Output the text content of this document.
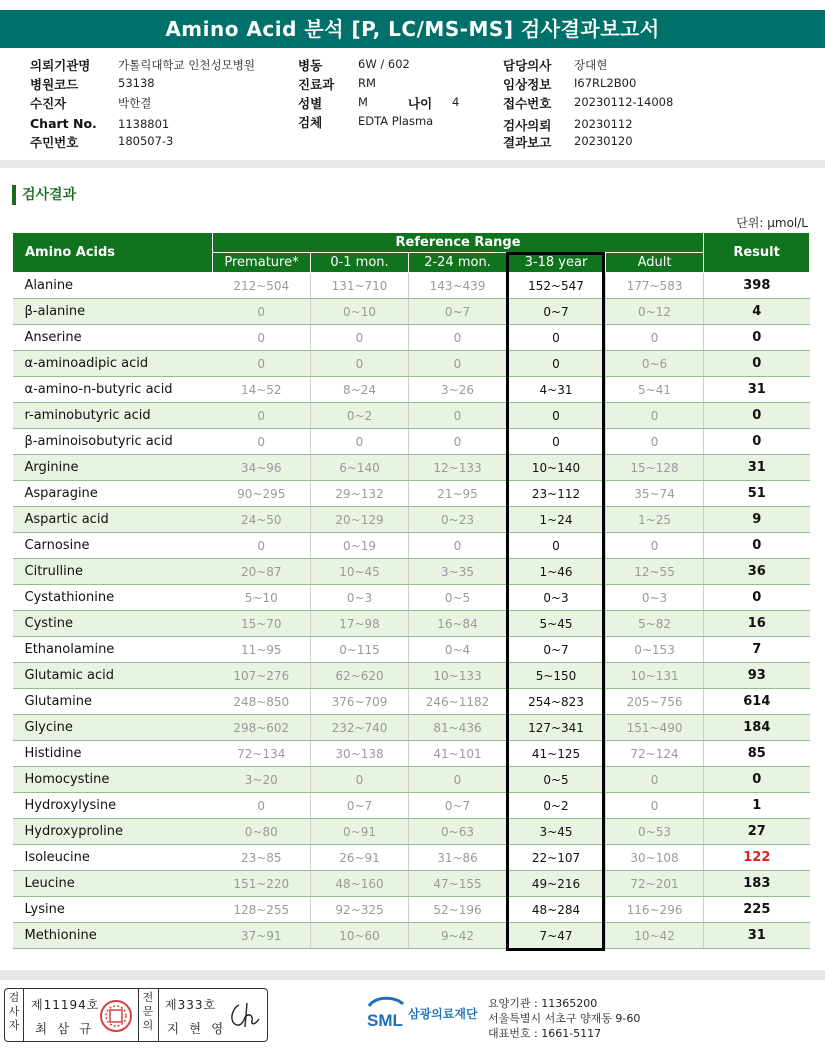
Amino Acid 분석 [P, LC/MS-MS] 검사결과보고서
의뢰기관명 가톨릭대학교 인천성모병원
병원코드	53138
수진자	박한결
Chart No. 1138801
주민번호	180507-3
병동	6W / 602
진료과 RM
성별	M	나이 4
검체	EDTA Plasma
담당의사 장대현
임상정보 I67RL2B00
접수번호 20230112-14008
검사의뢰 20230112
결과보고 20230120
검사결과
단위: μmol/L
Amino Acids	Reference Range					Result
	Premature*	0-1 mon.	2-24 mon.	3-18 year	Adult	
Alanine	212~504	131~710	143~439	152~547	177~583	398
β-alanine	0	0~10	0~7	0~7	0~12	4
Anserine	0	0	0	0	0	0
α-aminoadipic acid	0	0	0	0	0~6	0
α-amino-n-butyric acid	14~52	8~24	3~26	4~31	5~41	31
r-aminobutyric acid	0	0~2	0	0	0	0
β-aminoisobutyric acid	0	0	0	0	0	0
Arginine	34~96	6~140	12~133	10~140	15~128	31
Asparagine	90~295	29~132	21~95	23~112	35~74	51
Aspartic acid	24~50	20~129	0~23	1~24	1~25	9
Carnosine	0	0~19	0	0	0	0
Citrulline	20~87	10~45	3~35	1~46	12~55	36
Cystathionine	5~10	0~3	0~5	0~3	0~3	0
Cystine	15~70	17~98	16~84	5~45	5~82	16
Ethanolamine	11~95	0~115	0~4	0~7	0~153	7
Glutamic acid	107~276	62~620	10~133	5~150	10~131	93
Glutamine	248~850	376~709	246~1182	254~823	205~756	614
Glycine	298~602	232~740	81~436	127~341	151~490	184
Histidine	72~134	30~138	41~101	41~125	72~124	85
Homocystine	3~20	0	0	0~5	0	0
Hydroxylysine	0	0~7	0~7	0~2	0	1
Hydroxyproline	0~80	0~91	0~63	3~45	0~53	27
Isoleucine	23~85	26~91	31~86	22~107	30~108	122
Leucine	151~220	48~160	47~155	49~216	72~201	183
Lysine	128~255	92~325	52~196	48~284	116~296	225
Methionine	37~91	10~60	9~42	7~47	10~42	31
검사자
제11194호
최 삼 규
전문의
제333호
지 현 영	SML 삼광의료재단
요양기관 : 11365200
서울특별시 서초구 양재동 9-60
대표번호 : 1661-5117
